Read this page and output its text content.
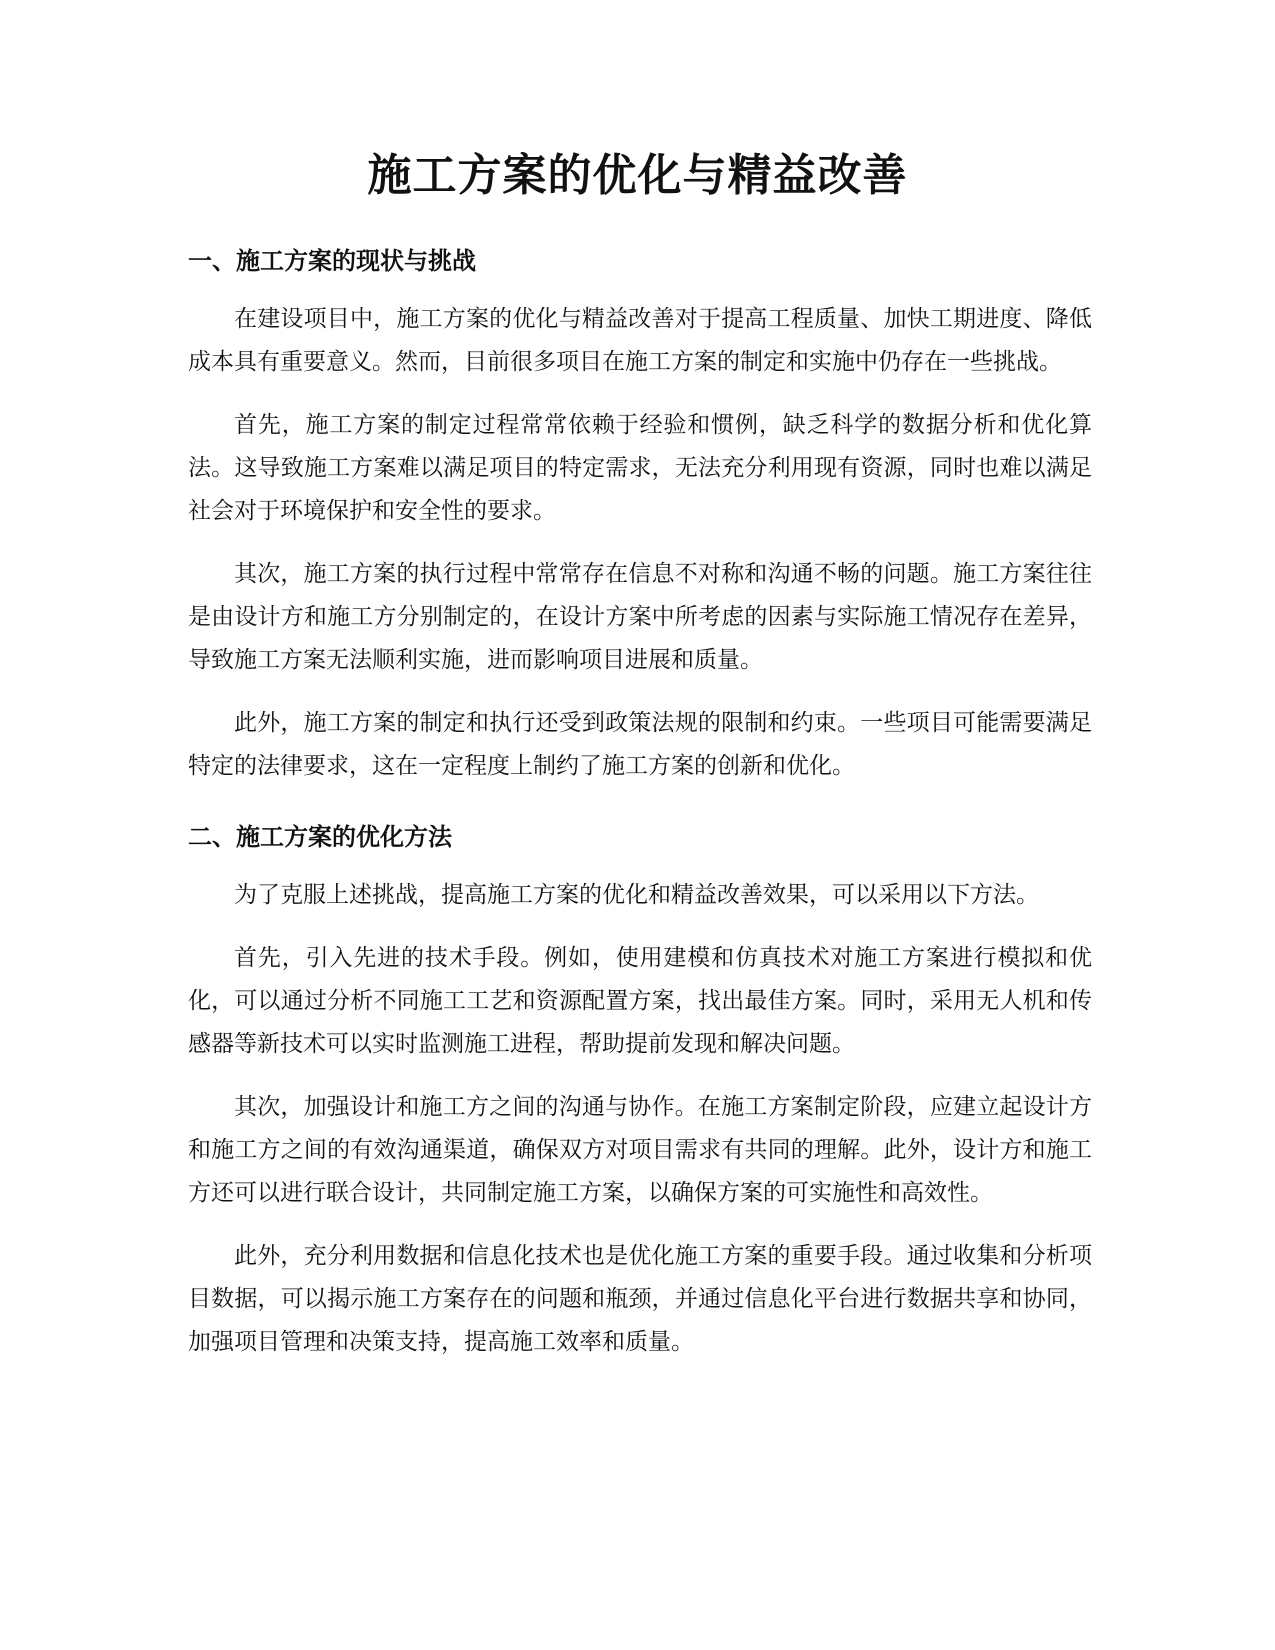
施工方案的优化与精益改善
一、施工方案的现状与挑战

在建设项目中，施工方案的优化与精益改善对于提高工程质量、加快工期进度、降低成本具有重要意义。然而，目前很多项目在施工方案的制定和实施中仍存在一些挑战。

首先，施工方案的制定过程常常依赖于经验和惯例，缺乏科学的数据分析和优化算法。这导致施工方案难以满足项目的特定需求，无法充分利用现有资源，同时也难以满足社会对于环境保护和安全性的要求。

其次，施工方案的执行过程中常常存在信息不对称和沟通不畅的问题。施工方案往往是由设计方和施工方分别制定的，在设计方案中所考虑的因素与实际施工情况存在差异，导致施工方案无法顺利实施，进而影响项目进展和质量。

此外，施工方案的制定和执行还受到政策法规的限制和约束。一些项目可能需要满足特定的法律要求，这在一定程度上制约了施工方案的创新和优化。

二、施工方案的优化方法

为了克服上述挑战，提高施工方案的优化和精益改善效果，可以采用以下方法。

首先，引入先进的技术手段。例如，使用建模和仿真技术对施工方案进行模拟和优化，可以通过分析不同施工工艺和资源配置方案，找出最佳方案。同时，采用无人机和传感器等新技术可以实时监测施工进程，帮助提前发现和解决问题。

其次，加强设计和施工方之间的沟通与协作。在施工方案制定阶段，应建立起设计方和施工方之间的有效沟通渠道，确保双方对项目需求有共同的理解。此外，设计方和施工方还可以进行联合设计，共同制定施工方案，以确保方案的可实施性和高效性。

此外，充分利用数据和信息化技术也是优化施工方案的重要手段。通过收集和分析项目数据，可以揭示施工方案存在的问题和瓶颈，并通过信息化平台进行数据共享和协同，加强项目管理和决策支持，提高施工效率和质量。
